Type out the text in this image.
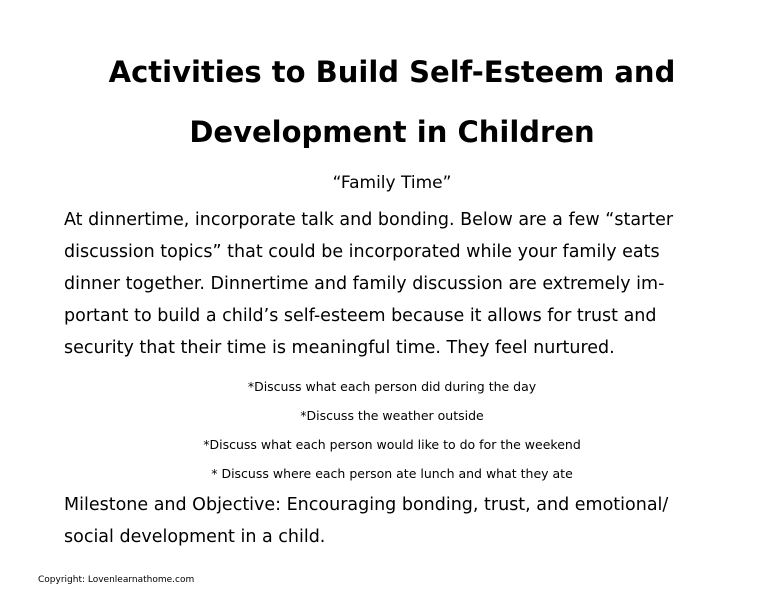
Activities to Build Self-Esteem and
Development in Children
“Family Time”
At dinnertime, incorporate talk and bonding. Below are a few “starter
discussion topics” that could be incorporated while your family eats
dinner together. Dinnertime and family discussion are extremely im-
portant to build a child’s self-esteem because it allows for trust and
security that their time is meaningful time. They feel nurtured.
*Discuss what each person did during the day
*Discuss the weather outside
*Discuss what each person would like to do for the weekend
* Discuss where each person ate lunch and what they ate
Milestone and Objective: Encouraging bonding, trust, and emotional/
social development in a child.
Copyright: Lovenlearnathome.com
